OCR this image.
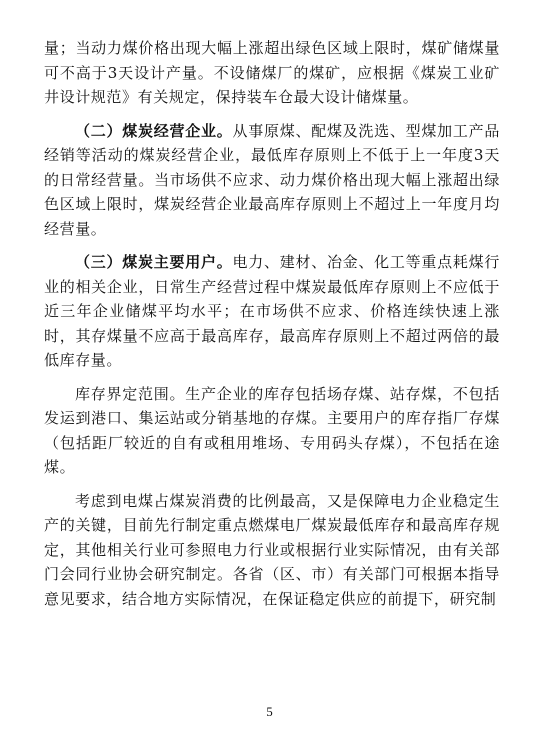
量；当动力煤价格出现大幅上涨超出绿色区域上限时，煤矿储煤量可不高于3天设计产量。不设储煤厂的煤矿，应根据《煤炭工业矿井设计规范》有关规定，保持装车仓最大设计储煤量。

（二）煤炭经营企业。从事原煤、配煤及洗选、型煤加工产品经销等活动的煤炭经营企业，最低库存原则上不低于上一年度3天的日常经营量。当市场供不应求、动力煤价格出现大幅上涨超出绿色区域上限时，煤炭经营企业最高库存原则上不超过上一年度月均经营量。

（三）煤炭主要用户。电力、建材、冶金、化工等重点耗煤行业的相关企业，日常生产经营过程中煤炭最低库存原则上不应低于近三年企业储煤平均水平；在市场供不应求、价格连续快速上涨时，其存煤量不应高于最高库存，最高库存原则上不超过两倍的最低库存量。

库存界定范围。生产企业的库存包括场存煤、站存煤，不包括发运到港口、集运站或分销基地的存煤。主要用户的库存指厂存煤（包括距厂较近的自有或租用堆场、专用码头存煤），不包括在途煤。

考虑到电煤占煤炭消费的比例最高，又是保障电力企业稳定生产的关键，目前先行制定重点燃煤电厂煤炭最低库存和最高库存规定，其他相关行业可参照电力行业或根据行业实际情况，由有关部门会同行业协会研究制定。各省（区、市）有关部门可根据本指导意见要求，结合地方实际情况，在保证稳定供应的前提下，研究制

5
